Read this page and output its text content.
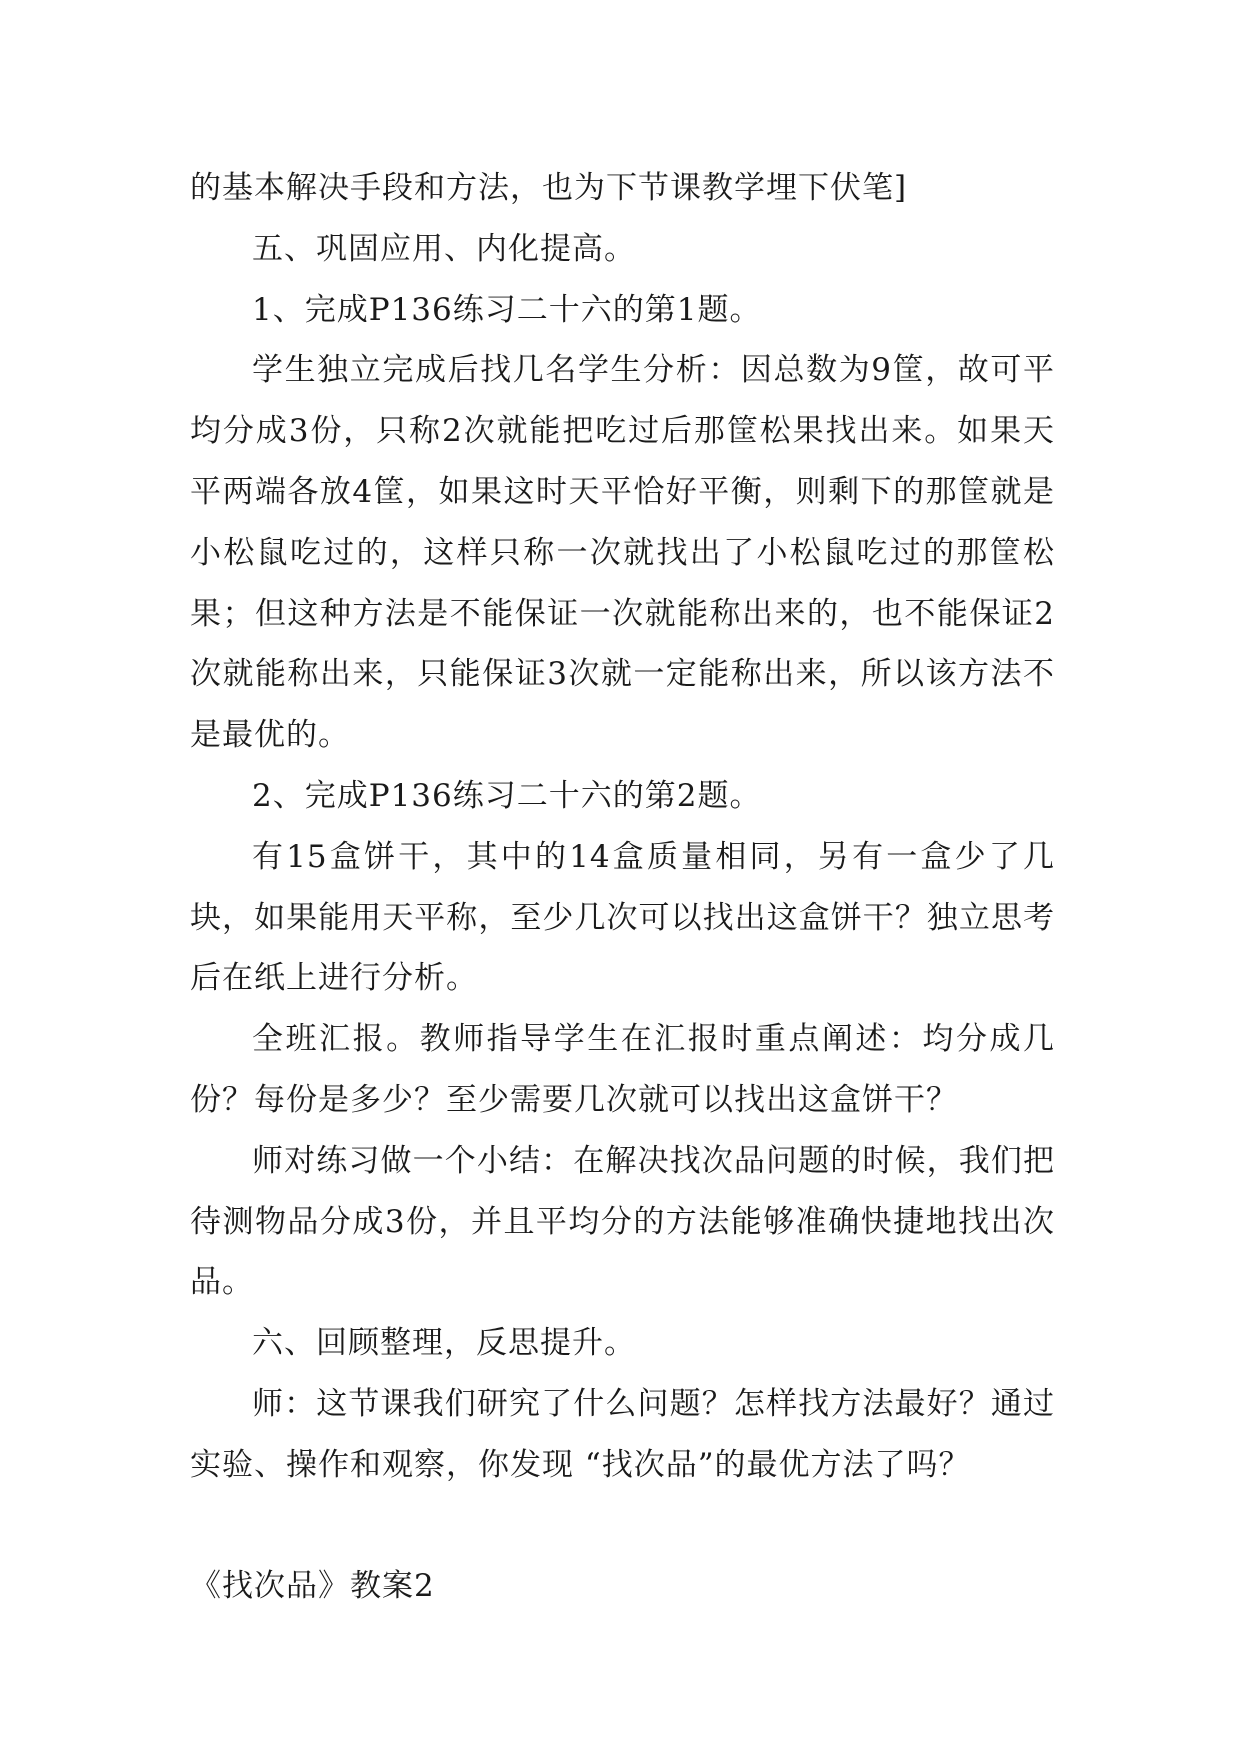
的基本解决手段和方法，也为下节课教学埋下伏笔]

五、巩固应用、内化提高。

1、完成P136练习二十六的第1题。

学生独立完成后找几名学生分析：因总数为9筐，故可平均分成3份，只称2次就能把吃过后那筐松果找出来。如果天平两端各放4筐，如果这时天平恰好平衡，则剩下的那筐就是小松鼠吃过的，这样只称一次就找出了小松鼠吃过的那筐松果；但这种方法是不能保证一次就能称出来的，也不能保证2次就能称出来，只能保证3次就一定能称出来，所以该方法不是最优的。

2、完成P136练习二十六的第2题。

有15盒饼干，其中的14盒质量相同，另有一盒少了几块，如果能用天平称，至少几次可以找出这盒饼干？独立思考后在纸上进行分析。

全班汇报。教师指导学生在汇报时重点阐述：均分成几份？每份是多少？至少需要几次就可以找出这盒饼干？

师对练习做一个小结：在解决找次品问题的时候，我们把待测物品分成3份，并且平均分的方法能够准确快捷地找出次品。

六、回顾整理，反思提升。

师：这节课我们研究了什么问题？怎样找方法最好？通过实验、操作和观察，你发现 “找次品”的最优方法了吗？

《找次品》教案2
